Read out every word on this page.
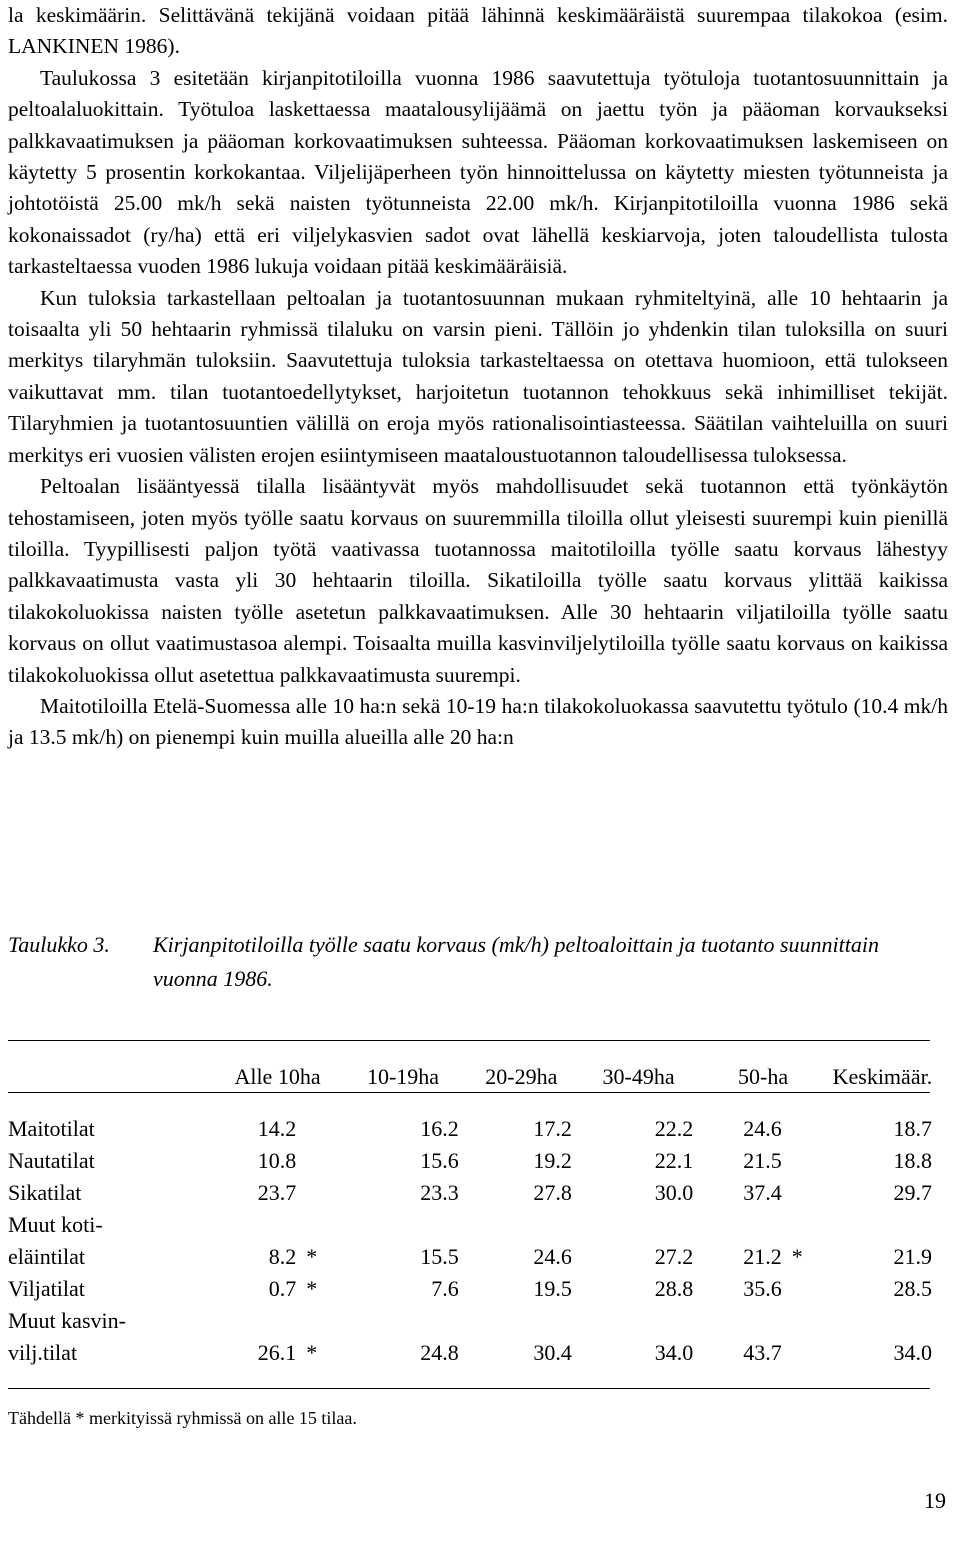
la keskimäärin. Selittävänä tekijänä voidaan pitää lähinnä keskimääräistä suurempaa tilakokoa (esim. LANKINEN 1986).

Taulukossa 3 esitetään kirjanpitotiloilla vuonna 1986 saavutettuja työtuloja tuotantosuunnittain ja peltoalaluokittain. Työtuloa laskettaessa maatalousylijäämä on jaettu työn ja pääoman korvaukseksi palkkavaatimuksen ja pääoman korkovaatimuksen suhteessa. Pääoman korkovaatimuksen laskemiseen on käytetty 5 prosentin korkokantaa. Viljelijäperheen työn hinnoittelussa on käytetty miesten työtunneista ja johtotöistä 25.00 mk/h sekä naisten työtunneista 22.00 mk/h. Kirjanpitotiloilla vuonna 1986 sekä kokonaissadot (ry/ha) että eri viljelykasvien sadot ovat lähellä keskiarvoja, joten taloudellista tulosta tarkasteltaessa vuoden 1986 lukuja voidaan pitää keskimääräisiä.

Kun tuloksia tarkastellaan peltoalan ja tuotantosuunnan mukaan ryhmiteltyinä, alle 10 hehtaarin ja toisaalta yli 50 hehtaarin ryhmissä tilaluku on varsin pieni. Tällöin jo yhdenkin tilan tuloksilla on suuri merkitys tilaryhmän tuloksiin. Saavutettuja tuloksia tarkasteltaessa on otettava huomioon, että tulokseen vaikuttavat mm. tilan tuotantoedellytykset, harjoitetun tuotannon tehokkuus sekä inhimilliset tekijät. Tilaryhmien ja tuotantosuuntien välillä on eroja myös rationalisointiasteessa. Säätilan vaihteluilla on suuri merkitys eri vuosien välisten erojen esiintymiseen maataloustuotannon taloudellisessa tuloksessa.

Peltoalan lisääntyessä tilalla lisääntyvät myös mahdollisuudet sekä tuotannon että työnkäytön tehostamiseen, joten myös työlle saatu korvaus on suuremmilla tiloilla ollut yleisesti suurempi kuin pienillä tiloilla. Tyypillisesti paljon työtä vaativassa tuotannossa maitotiloilla työlle saatu korvaus lähestyy palkkavaatimusta vasta yli 30 hehtaarin tiloilla. Sikatiloilla työlle saatu korvaus ylittää kaikissa tilakokoluokissa naisten työlle asetetun palkkavaatimuksen. Alle 30 hehtaarin viljatiloilla työlle saatu korvaus on ollut vaatimustasoa alempi. Toisaalta muilla kasvinviljelytiloilla työlle saatu korvaus on kaikissa tilakokoluokissa ollut asetettua palkkavaatimusta suurempi.

Maitotiloilla Etelä-Suomessa alle 10 ha:n sekä 10-19 ha:n tilakokoluokassa saavutettu työtulo (10.4 mk/h ja 13.5 mk/h) on pienempi kuin muilla alueilla alle 20 ha:n

Taulukko 3. Kirjanpitotiloilla työlle saatu korvaus (mk/h) peltoaloittain ja tuotanto suunnittain vuonna 1986.
	Alle 10ha		10-19ha	20-29ha	30-49ha	50-ha		Keskimäär.

Maitotilat	14.2		16.2	17.2	22.2	24.6		18.7
Nautatilat	10.8		15.6	19.2	22.1	21.5		18.8
Sikatilat	23.7		23.3	27.8	30.0	37.4		29.7
Muut koti-								
eläintilat	8.2	*	15.5	24.6	27.2	21.2	*	21.9
Viljatilat	0.7	*	7.6	19.5	28.8	35.6		28.5
Muut kasvin-								
vilj.tilat	26.1	*	24.8	30.4	34.0	43.7		34.0
Tähdellä * merkityissä ryhmissä on alle 15 tilaa.
19
